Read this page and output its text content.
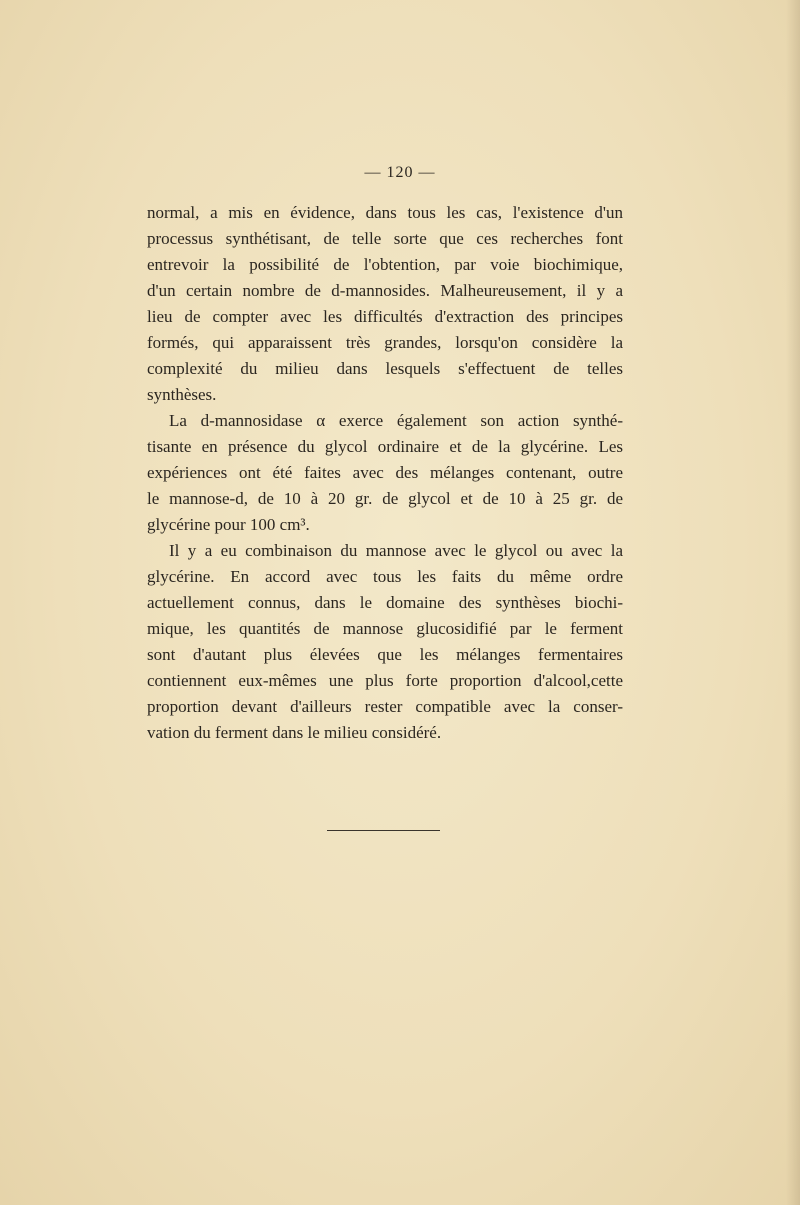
— 120 —
normal, a mis en évidence, dans tous les cas, l'existence d'un
processus synthétisant, de telle sorte que ces recherches font
entrevoir la possibilité de l'obtention, par voie biochimique,
d'un certain nombre de d-mannosides. Malheureusement, il y a
lieu de compter avec les difficultés d'extraction des principes
formés, qui apparaissent très grandes, lorsqu'on considère la
complexité du milieu dans lesquels s'effectuent de telles
synthèses.
La d-mannosidase α exerce également son action synthé-
tisante en présence du glycol ordinaire et de la glycérine. Les
expériences ont été faites avec des mélanges contenant, outre
le mannose-d, de 10 à 20 gr. de glycol et de 10 à 25 gr. de
glycérine pour 100 cm³.
Il y a eu combinaison du mannose avec le glycol ou avec la
glycérine. En accord avec tous les faits du même ordre
actuellement connus, dans le domaine des synthèses biochi-
mique, les quantités de mannose glucosidifié par le ferment
sont d'autant plus élevées que les mélanges fermentaires
contiennent eux-mêmes une plus forte proportion d'alcool,cette
proportion devant d'ailleurs rester compatible avec la conser-
vation du ferment dans le milieu considéré.
